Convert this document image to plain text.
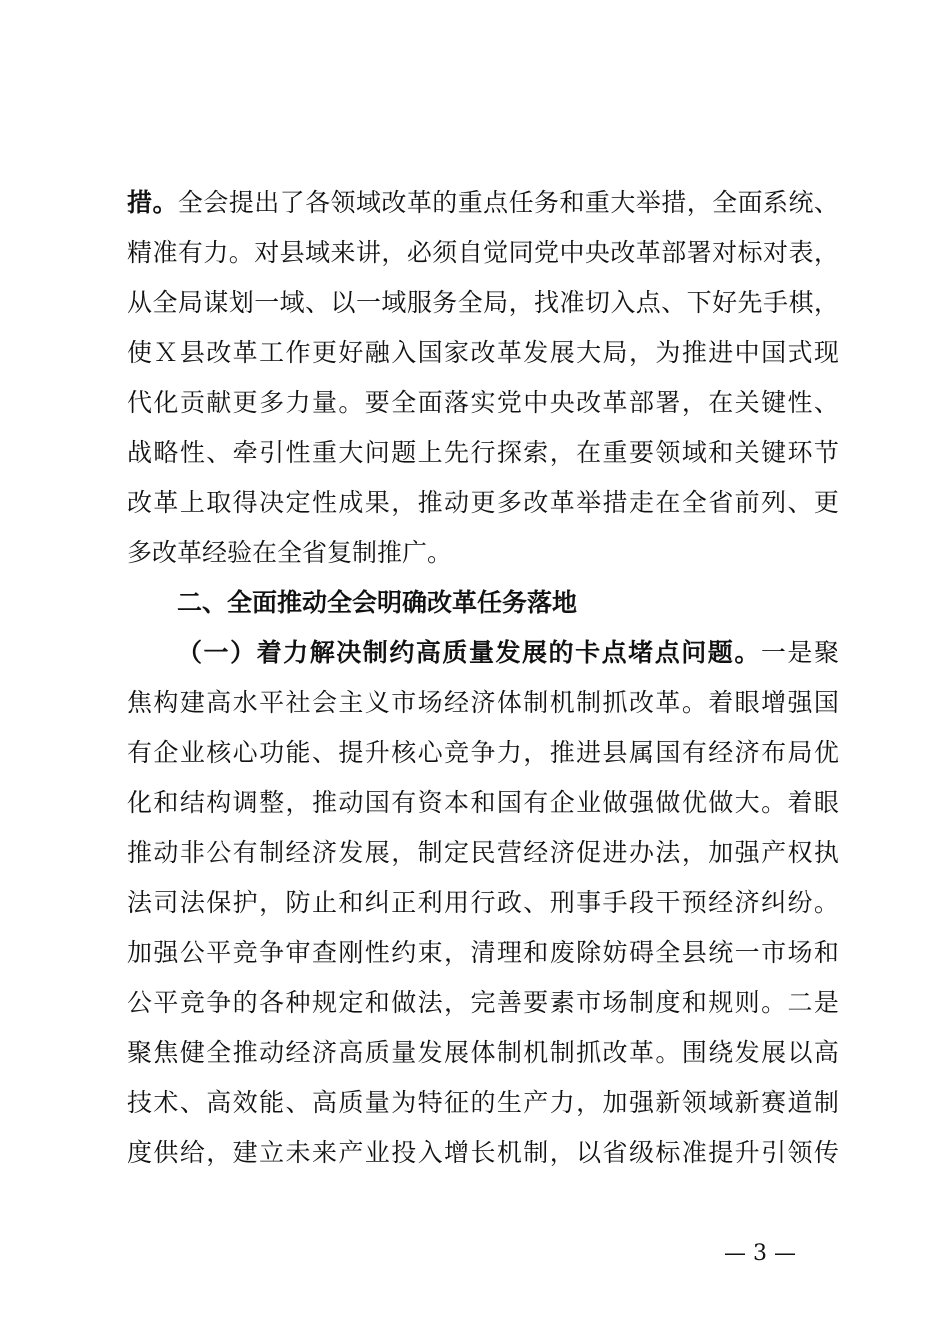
措。全会提出了各领域改革的重点任务和重大举措，全面系统、
精准有力。对县域来讲，必须自觉同党中央改革部署对标对表，
从全局谋划一域、以一域服务全局，找准切入点、下好先手棋，
使Ｘ县改革工作更好融入国家改革发展大局，为推进中国式现
代化贡献更多力量。要全面落实党中央改革部署，在关键性、
战略性、牵引性重大问题上先行探索，在重要领域和关键环节
改革上取得决定性成果，推动更多改革举措走在全省前列、更
多改革经验在全省复制推广。
二、全面推动全会明确改革任务落地
（一）着力解决制约高质量发展的卡点堵点问题。一是聚
焦构建高水平社会主义市场经济体制机制抓改革。着眼增强国
有企业核心功能、提升核心竞争力，推进县属国有经济布局优
化和结构调整，推动国有资本和国有企业做强做优做大。着眼
推动非公有制经济发展，制定民营经济促进办法，加强产权执
法司法保护，防止和纠正利用行政、刑事手段干预经济纠纷。
加强公平竞争审查刚性约束，清理和废除妨碍全县统一市场和
公平竞争的各种规定和做法，完善要素市场制度和规则。二是
聚焦健全推动经济高质量发展体制机制抓改革。围绕发展以高
技术、高效能、高质量为特征的生产力，加强新领域新赛道制
度供给，建立未来产业投入增长机制，以省级标准提升引领传
— 3 —
